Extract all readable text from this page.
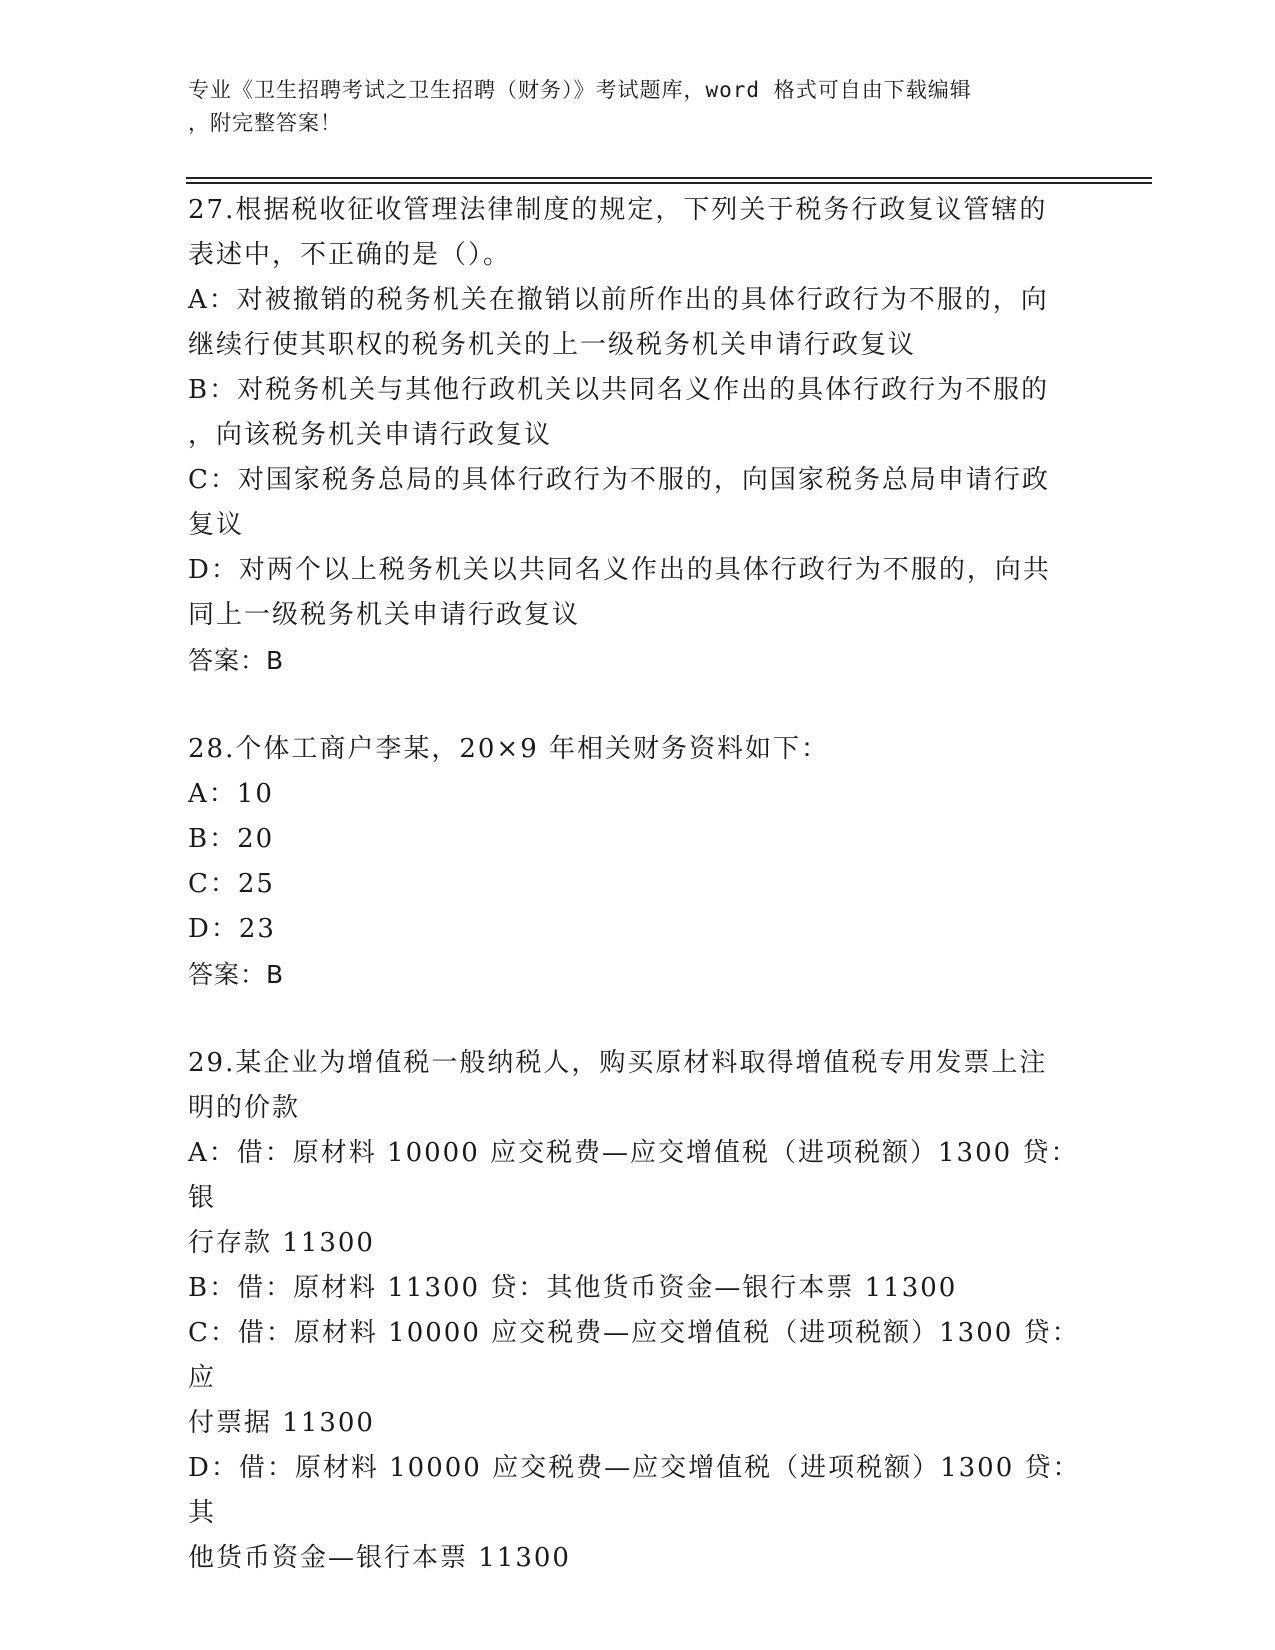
专业《卫生招聘考试之卫生招聘（财务）》考试题库，word 格式可自由下载编辑
，附完整答案！
27.根据税收征收管理法律制度的规定，下列关于税务行政复议管辖的
表述中，不正确的是（）。
A：对被撤销的税务机关在撤销以前所作出的具体行政行为不服的，向
继续行使其职权的税务机关的上一级税务机关申请行政复议
B：对税务机关与其他行政机关以共同名义作出的具体行政行为不服的
，向该税务机关申请行政复议
C：对国家税务总局的具体行政行为不服的，向国家税务总局申请行政
复议
D：对两个以上税务机关以共同名义作出的具体行政行为不服的，向共
同上一级税务机关申请行政复议
答案：B
28.个体工商户李某，20×9 年相关财务资料如下：
A：10
B：20
C：25
D：23
答案：B
29.某企业为增值税一般纳税人，购买原材料取得增值税专用发票上注
明的价款
A：借：原材料 10000 应交税费—应交增值税（进项税额）1300 贷：银
行存款 11300
B：借：原材料 11300 贷：其他货币资金—银行本票 11300
C：借：原材料 10000 应交税费—应交增值税（进项税额）1300 贷：应
付票据 11300
D：借：原材料 10000 应交税费—应交增值税（进项税额）1300 贷：其
他货币资金—银行本票 11300
